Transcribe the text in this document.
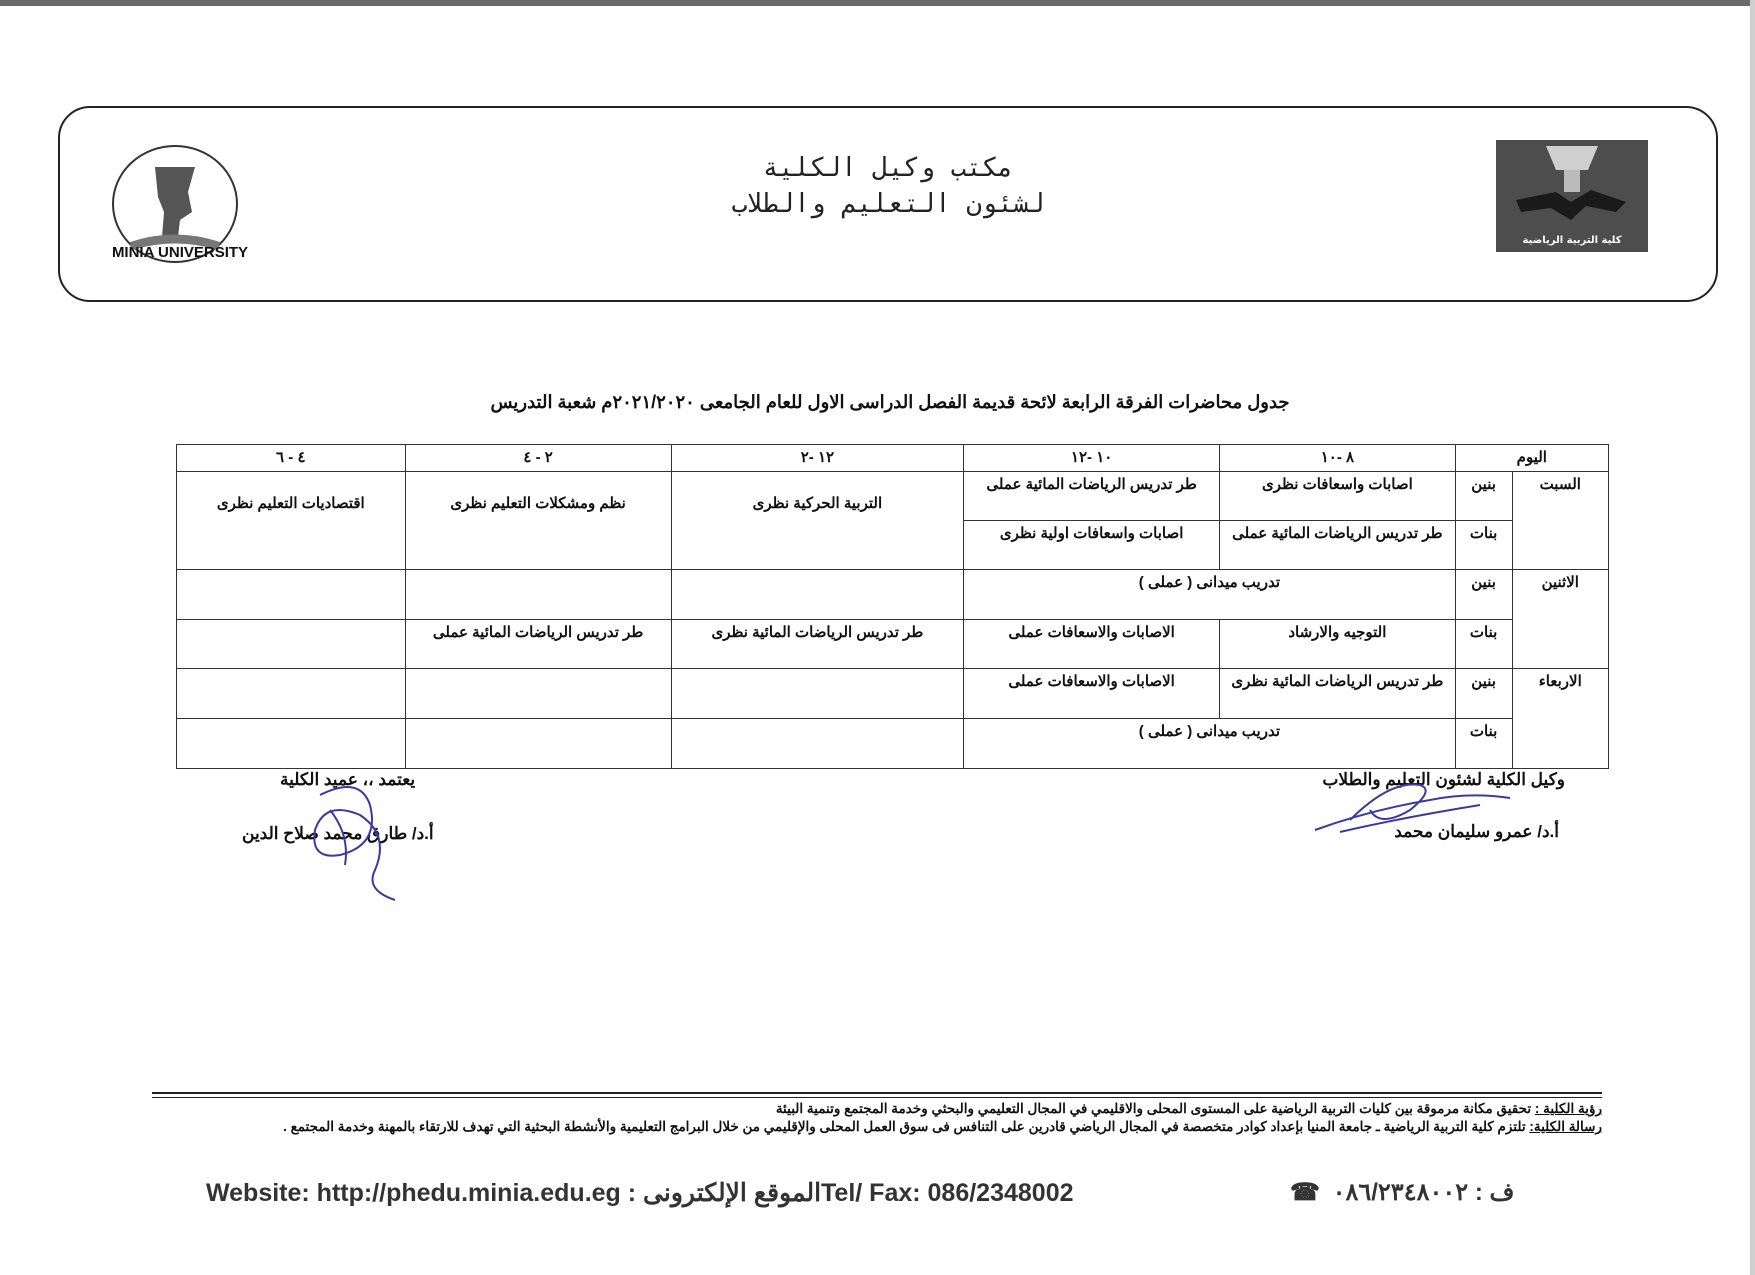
MINIA UNIVERSITY
مكتب وكيل الكلية
لشئون التعليم والطلاب
كلية التربية الرياضية
جدول محاضرات الفرقة الرابعة لائحة قديمة الفصل الدراسى الاول للعام الجامعى ٢٠٢١/٢٠٢٠م شعبة التدريس
اليوم		٨ -١٠	١٠ -١٢	١٢ -٢	٢ - ٤	٤ - ٦
السبت	بنين	اصابات واسعافات نظرى	طر تدريس الرياضات المائية عملى	التربية الحركية نظرى	نظم ومشكلات التعليم نظرى	اقتصاديات التعليم نظرى
	بنات	طر تدريس الرياضات المائية عملى	اصابات واسعافات اولية نظرى			
الاثنين	بنين	تدريب ميدانى ( عملى )				
	بنات	التوجيه والارشاد	الاصابات والاسعافات عملى	طر تدريس الرياضات المائية نظرى	طر تدريس الرياضات المائية عملى	
الاربعاء	بنين	طر تدريس الرياضات المائية نظرى	الاصابات والاسعافات عملى			
	بنات	تدريب ميدانى ( عملى )				
وكيل الكلية لشئون التعليم والطلاب
أ.د/ عمرو سليمان محمد
يعتمد ،، عميد الكلية
أ.د/ طارق محمد صلاح الدين
رؤية الكلية : تحقيق مكانة مرموقة بين كليات التربية الرياضية على المستوى المحلى والاقليمي في المجال التعليمي والبحثي وخدمة المجتمع وتنمية البيئة
رسالة الكلية: تلتزم كلية التربية الرياضية ـ جامعة المنيا بإعداد كوادر متخصصة في المجال الرياضي قادرين على التنافس فى سوق العمل المحلى والإقليمي من خلال البرامج التعليمية والأنشطة البحثية التي تهدف للارتقاء بالمهنة وخدمة المجتمع .
Website: http://phedu.minia.edu.eg : الموقع الإلكترونىTel/ Fax: 086/2348002	ف : ٠٨٦/٢٣٤٨٠٠٢ ☎
